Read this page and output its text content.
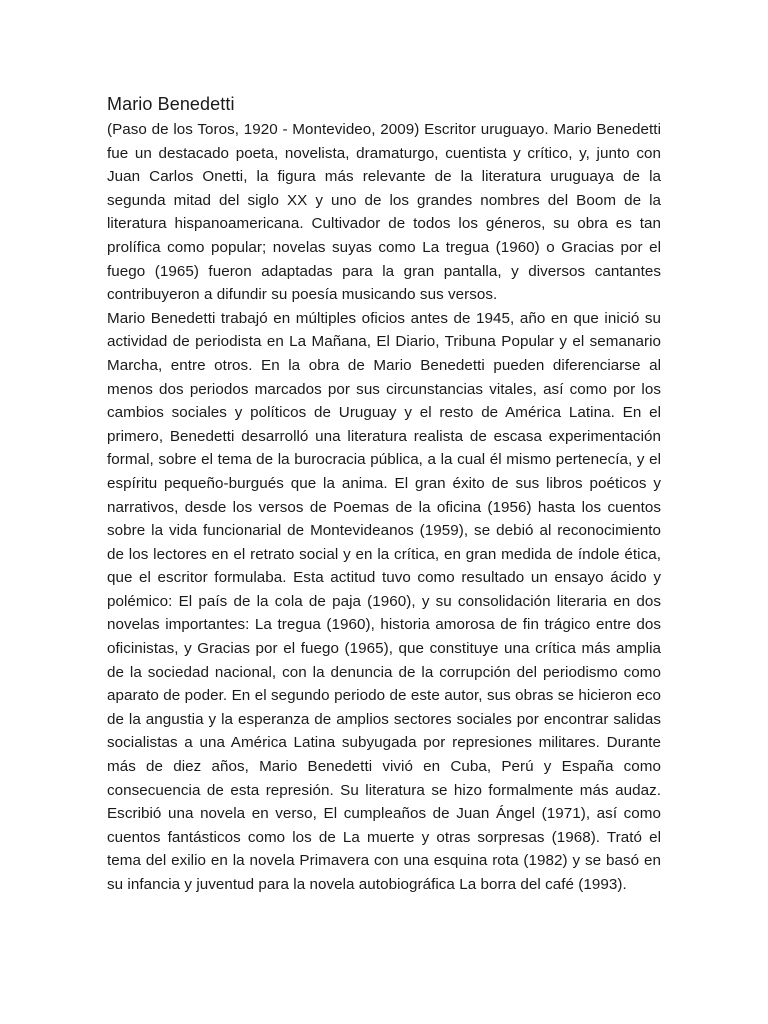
Mario Benedetti

(Paso de los Toros, 1920 - Montevideo, 2009) Escritor uruguayo. Mario Benedetti fue un destacado poeta, novelista, dramaturgo, cuentista y crítico, y, junto con Juan Carlos Onetti, la figura más relevante de la literatura uruguaya de la segunda mitad del siglo XX y uno de los grandes nombres del Boom de la literatura hispanoamericana. Cultivador de todos los géneros, su obra es tan prolífica como popular; novelas suyas como La tregua (1960) o Gracias por el fuego (1965) fueron adaptadas para la gran pantalla, y diversos cantantes contribuyeron a difundir su poesía musicando sus versos.

Mario Benedetti trabajó en múltiples oficios antes de 1945, año en que inició su actividad de periodista en La Mañana, El Diario, Tribuna Popular y el semanario Marcha, entre otros. En la obra de Mario Benedetti pueden diferenciarse al menos dos periodos marcados por sus circunstancias vitales, así como por los cambios sociales y políticos de Uruguay y el resto de América Latina. En el primero, Benedetti desarrolló una literatura realista de escasa experimentación formal, sobre el tema de la burocracia pública, a la cual él mismo pertenecía, y el espíritu pequeño-burgués que la anima. El gran éxito de sus libros poéticos y narrativos, desde los versos de Poemas de la oficina (1956) hasta los cuentos sobre la vida funcionarial de Montevideanos (1959), se debió al reconocimiento de los lectores en el retrato social y en la crítica, en gran medida de índole ética, que el escritor formulaba. Esta actitud tuvo como resultado un ensayo ácido y polémico: El país de la cola de paja (1960), y su consolidación literaria en dos novelas importantes: La tregua (1960), historia amorosa de fin trágico entre dos oficinistas, y Gracias por el fuego (1965), que constituye una crítica más amplia de la sociedad nacional, con la denuncia de la corrupción del periodismo como aparato de poder. En el segundo periodo de este autor, sus obras se hicieron eco de la angustia y la esperanza de amplios sectores sociales por encontrar salidas socialistas a una América Latina subyugada por represiones militares. Durante más de diez años, Mario Benedetti vivió en Cuba, Perú y España como consecuencia de esta represión. Su literatura se hizo formalmente más audaz. Escribió una novela en verso, El cumpleaños de Juan Ángel (1971), así como cuentos fantásticos como los de La muerte y otras sorpresas (1968). Trató el tema del exilio en la novela Primavera con una esquina rota (1982) y se basó en su infancia y juventud para la novela autobiográfica La borra del café (1993).
